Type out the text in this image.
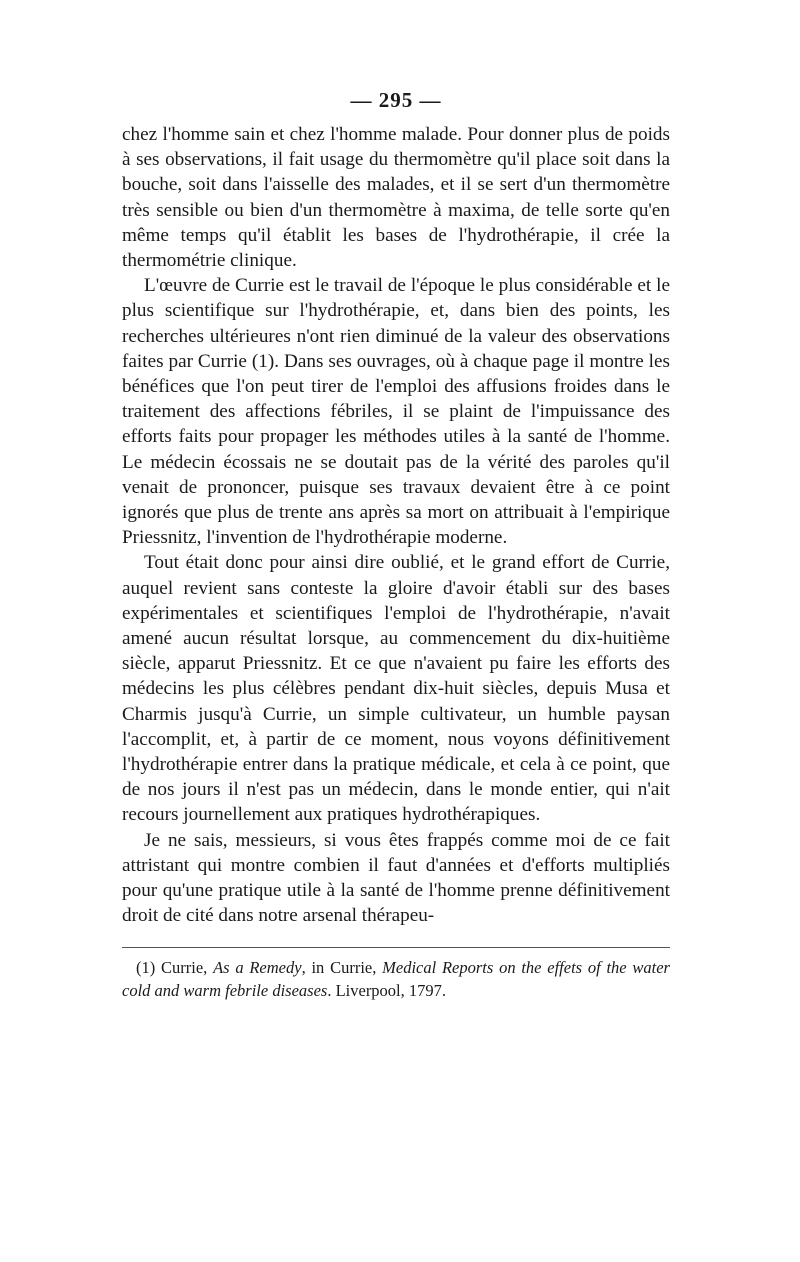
— 295 —

chez l'homme sain et chez l'homme malade. Pour donner plus de poids à ses observations, il fait usage du thermomètre qu'il place soit dans la bouche, soit dans l'aisselle des malades, et il se sert d'un thermomètre très sensible ou bien d'un thermomètre à maxima, de telle sorte qu'en même temps qu'il établit les bases de l'hydrothérapie, il crée la thermométrie clinique.

L'œuvre de Currie est le travail de l'époque le plus considérable et le plus scientifique sur l'hydrothérapie, et, dans bien des points, les recherches ultérieures n'ont rien diminué de la valeur des observations faites par Currie (1). Dans ses ouvrages, où à chaque page il montre les bénéfices que l'on peut tirer de l'emploi des affusions froides dans le traitement des affections fébriles, il se plaint de l'impuissance des efforts faits pour propager les méthodes utiles à la santé de l'homme. Le médecin écossais ne se doutait pas de la vérité des paroles qu'il venait de prononcer, puisque ses travaux devaient être à ce point ignorés que plus de trente ans après sa mort on attribuait à l'empirique Priessnitz, l'invention de l'hydrothérapie moderne.

Tout était donc pour ainsi dire oublié, et le grand effort de Currie, auquel revient sans conteste la gloire d'avoir établi sur des bases expérimentales et scientifiques l'emploi de l'hydrothérapie, n'avait amené aucun résultat lorsque, au commencement du dix-huitième siècle, apparut Priessnitz. Et ce que n'avaient pu faire les efforts des médecins les plus célèbres pendant dix-huit siècles, depuis Musa et Charmis jusqu'à Currie, un simple cultivateur, un humble paysan l'accomplit, et, à partir de ce moment, nous voyons définitivement l'hydrothérapie entrer dans la pratique médicale, et cela à ce point, que de nos jours il n'est pas un médecin, dans le monde entier, qui n'ait recours journellement aux pratiques hydrothérapiques.

Je ne sais, messieurs, si vous êtes frappés comme moi de ce fait attristant qui montre combien il faut d'années et d'efforts multipliés pour qu'une pratique utile à la santé de l'homme prenne définitivement droit de cité dans notre arsenal thérapeu-

(1) Currie, As a Remedy, in Currie, Medical Reports on the effets of the water cold and warm febrile diseases. Liverpool, 1797.
